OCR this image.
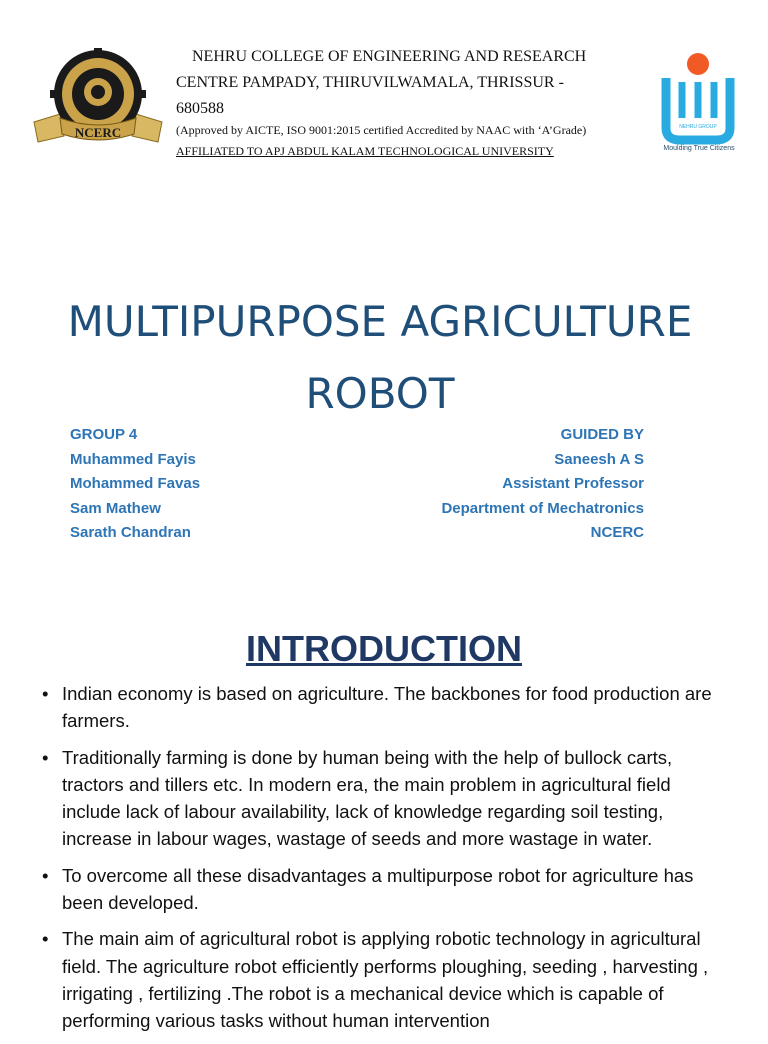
NCERC

NEHRU COLLEGE OF ENGINEERING AND RESEARCH

CENTRE PAMPADY, THIRUVILWAMALA, THRISSUR -

680588

(Approved by AICTE, ISO 9001:2015 certified Accredited by NAAC with ‘A’Grade)

AFFILIATED TO APJ ABDUL KALAM TECHNOLOGICAL UNIVERSITY

NEHRU GROUP
Moulding True Citizens
MULTIPURPOSE AGRICULTURE
ROBOT
GROUP 4
Muhammed Fayis
Mohammed Favas
Sam Mathew
Sarath Chandran
GUIDED BY
Saneesh A S
Assistant Professor
Department of Mechatronics
NCERC
INTRODUCTION
• Indian economy is based on agriculture. The backbones for food production are farmers.
• Traditionally farming is done by human being with the help of bullock carts, tractors and tillers etc. In modern era, the main problem in agricultural field include lack of labour availability, lack of knowledge regarding soil testing, increase in labour wages, wastage of seeds and more wastage in water.
• To overcome all these disadvantages a multipurpose robot for agriculture has been developed.
• The main aim of agricultural robot is applying robotic technology in agricultural field. The agriculture robot efficiently performs ploughing, seeding , harvesting , irrigating , fertilizing .The robot is a mechanical device which is capable of performing various tasks without human intervention
